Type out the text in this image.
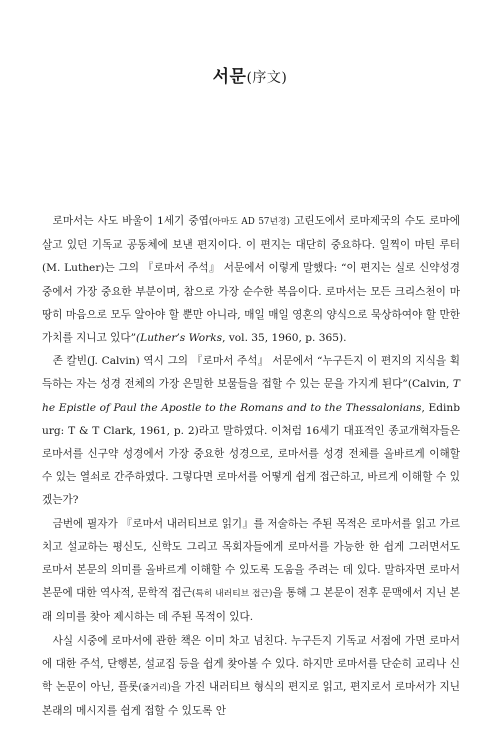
서문(序文)

로마서는 사도 바울이 1세기 중엽(아마도 AD 57년경) 고린도에서 로마제국의 수도 로마에 살고 있던 기독교 공동체에 보낸 편지이다. 이 편지는 대단히 중요하다. 일찍이 마틴 루터(M. Luther)는 그의 『로마서 주석』 서문에서 이렇게 말했다: “이 편지는 실로 신약성경 중에서 가장 중요한 부분이며, 참으로 가장 순수한 복음이다. 로마서는 모든 크리스천이 마땅히 마음으로 모두 알아야 할 뿐만 아니라, 매일 매일 영혼의 양식으로 묵상하여야 할 만한 가치를 지니고 있다”(Luther’s Works, vol. 35, 1960, p. 365).

존 칼빈(J. Calvin) 역시 그의 『로마서 주석』 서문에서 “누구든지 이 편지의 지식을 획득하는 자는 성경 전체의 가장 은밀한 보물들을 접할 수 있는 문을 가지게 된다”(Calvin, The Epistle of Paul the Apostle to the Romans and to the Thessalonians, Edinburg: T & T Clark, 1961, p. 2)라고 말하였다. 이처럼 16세기 대표적인 종교개혁자들은 로마서를 신구약 성경에서 가장 중요한 성경으로, 로마서를 성경 전체를 올바르게 이해할 수 있는 열쇠로 간주하였다. 그렇다면 로마서를 어떻게 쉽게 접근하고, 바르게 이해할 수 있겠는가?

금번에 필자가 『로마서 내러티브로 읽기』를 저술하는 주된 목적은 로마서를 읽고 가르치고 설교하는 평신도, 신학도 그리고 목회자들에게 로마서를 가능한 한 쉽게 그러면서도 로마서 본문의 의미를 올바르게 이해할 수 있도록 도움을 주려는 데 있다. 말하자면 로마서 본문에 대한 역사적, 문학적 접근(특히 내러티브 접근)을 통해 그 본문이 전후 문맥에서 지닌 본래 의미를 찾아 제시하는 데 주된 목적이 있다.

사실 시중에 로마서에 관한 책은 이미 차고 넘친다. 누구든지 기독교 서점에 가면 로마서에 대한 주석, 단행본, 설교집 등을 쉽게 찾아볼 수 있다. 하지만 로마서를 단순히 교리나 신학 논문이 아닌, 플롯(줄거리)을 가진 내러티브 형식의 편지로 읽고, 편지로서 로마서가 지닌 본래의 메시지를 쉽게 접할 수 있도록 안
